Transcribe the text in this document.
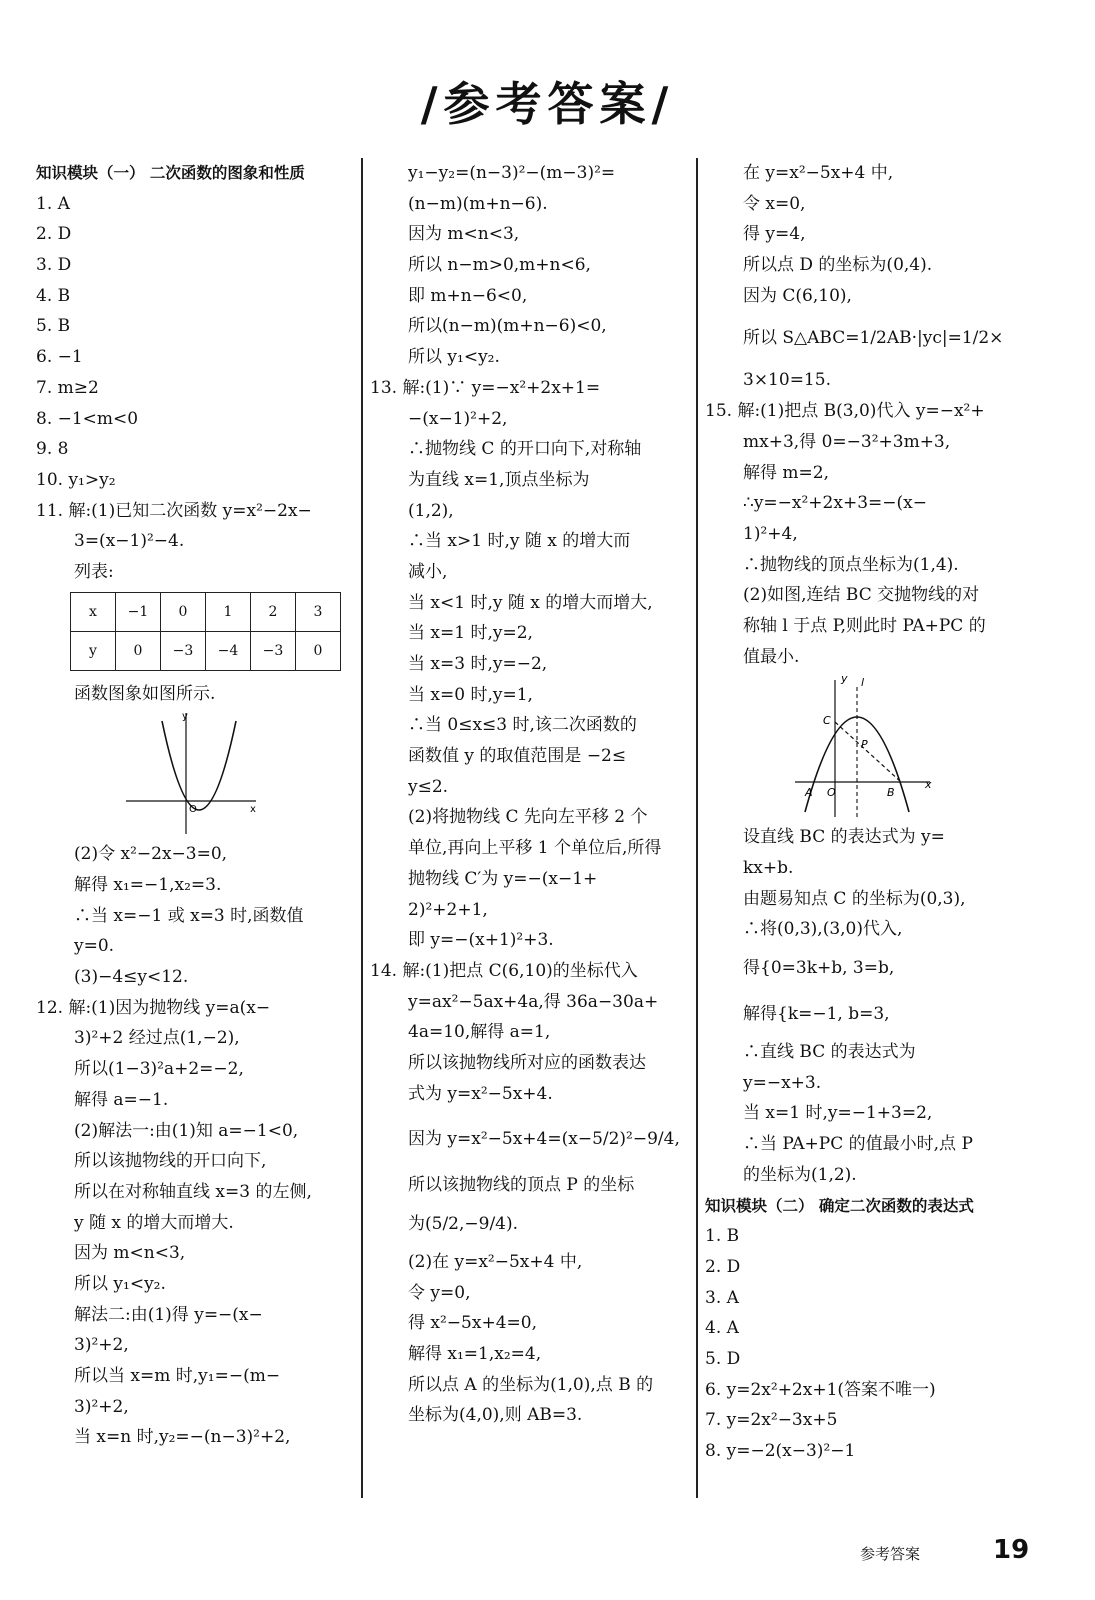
/参考答案/
知识模块（一） 二次函数的图象和性质
1. A
2. D
3. D
4. B
5. B
6. −1
7. m≥2
8. −1<m<0
9. 8
10. y₁>y₂
11. 解:(1)已知二次函数 y=x²−2x−
3=(x−1)²−4.
列表:
x	−1	0	1	2	3
y	0	−3	−4	−3	0
函数图象如图所示.
y
x
O
(2)令 x²−2x−3=0,
解得 x₁=−1,x₂=3.
∴当 x=−1 或 x=3 时,函数值
y=0.
(3)−4≤y<12.
12. 解:(1)因为抛物线 y=a(x−
3)²+2 经过点(1,−2),
所以(1−3)²a+2=−2,
解得 a=−1.
(2)解法一:由(1)知 a=−1<0,
所以该抛物线的开口向下,
所以在对称轴直线 x=3 的左侧,
y 随 x 的增大而增大.
因为 m<n<3,
所以 y₁<y₂.
解法二:由(1)得 y=−(x−
3)²+2,
所以当 x=m 时,y₁=−(m−
3)²+2,
当 x=n 时,y₂=−(n−3)²+2,
y₁−y₂=(n−3)²−(m−3)²=
(n−m)(m+n−6).
因为 m<n<3,
所以 n−m>0,m+n<6,
即 m+n−6<0,
所以(n−m)(m+n−6)<0,
所以 y₁<y₂.
13. 解:(1)∵ y=−x²+2x+1=
−(x−1)²+2,
∴抛物线 C 的开口向下,对称轴
为直线 x=1,顶点坐标为
(1,2),
∴当 x>1 时,y 随 x 的增大而
减小,
当 x<1 时,y 随 x 的增大而增大,
当 x=1 时,y=2,
当 x=3 时,y=−2,
当 x=0 时,y=1,
∴当 0≤x≤3 时,该二次函数的
函数值 y 的取值范围是 −2≤
y≤2.
(2)将抛物线 C 先向左平移 2 个
单位,再向上平移 1 个单位后,所得
抛物线 C′为 y=−(x−1+
2)²+2+1,
即 y=−(x+1)²+3.
14. 解:(1)把点 C(6,10)的坐标代入
y=ax²−5ax+4a,得 36a−30a+
4a=10,解得 a=1,
所以该抛物线所对应的函数表达
式为 y=x²−5x+4.
因为 y=x²−5x+4=(x−5/2)²−9/4,
所以该抛物线的顶点 P 的坐标
为(5/2,−9/4).
(2)在 y=x²−5x+4 中,
令 y=0,
得 x²−5x+4=0,
解得 x₁=1,x₂=4,
所以点 A 的坐标为(1,0),点 B 的
坐标为(4,0),则 AB=3.
在 y=x²−5x+4 中,
令 x=0,
得 y=4,
所以点 D 的坐标为(0,4).
因为 C(6,10),
所以 S△ABC=1/2AB·|yc|=1/2×
3×10=15.
15. 解:(1)把点 B(3,0)代入 y=−x²+
mx+3,得 0=−3²+3m+3,
解得 m=2,
∴y=−x²+2x+3=−(x−
1)²+4,
∴抛物线的顶点坐标为(1,4).
(2)如图,连结 BC 交抛物线的对
称轴 l 于点 P,则此时 PA+PC 的
值最小.
y l
C
P
A O	B
x
设直线 BC 的表达式为 y=
kx+b.
由题易知点 C 的坐标为(0,3),
∴将(0,3),(3,0)代入,
得{0=3k+b, 3=b,
解得{k=−1, b=3,
∴直线 BC 的表达式为
y=−x+3.
当 x=1 时,y=−1+3=2,
∴当 PA+PC 的值最小时,点 P
的坐标为(1,2).
知识模块（二） 确定二次函数的表达式
1. B
2. D
3. A
4. A
5. D
6. y=2x²+2x+1(答案不唯一)
7. y=2x²−3x+5
8. y=−2(x−3)²−1
参考答案	19
